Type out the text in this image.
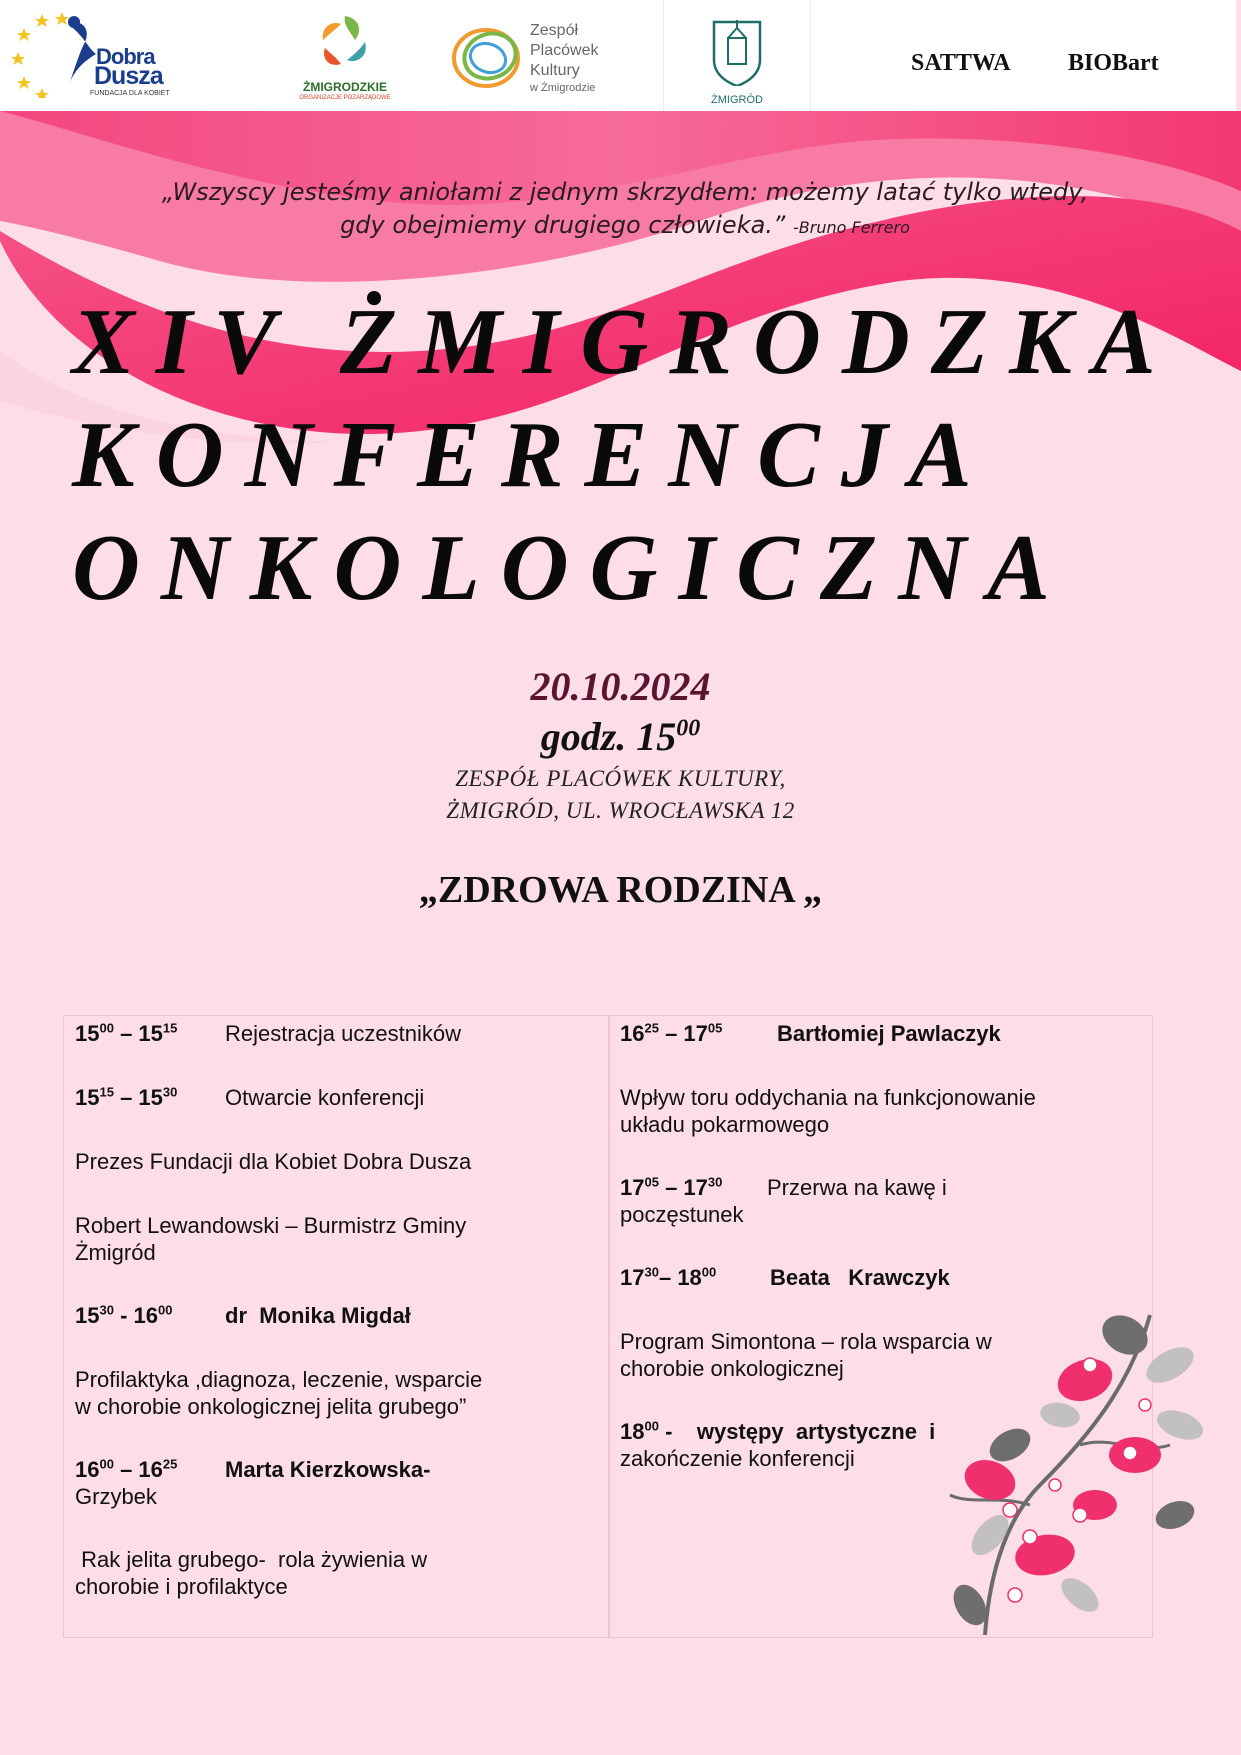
Dobra
Dusza
FUNDACJA DLA KOBIET	ŻMIGRODZKIE
ORGANIZACJE POZARZĄDOWE
Zespół
Placówek
Kultury
w Żmigrodzie
ŻMIGRÓD
SATTWA BIOBart
„Wszyscy jesteśmy aniołami z jednym skrzydłem: możemy latać tylko wtedy,
gdy obejmiemy drugiego człowieka.” -Bruno Ferrero
XIV ŻMIGRODZKA
KONFERENCJA
ONKOLOGICZNA
20.10.2024
godz. $15^{00}$
ZESPÓŁ PLACÓWEK KULTURY,
ŻMIGRÓD, UL. WROCŁAWSKA 12
„ZDROWA RODZINA „
$15^{00} - 15^{15}$ Rejestracja uczestników
$15^{15} - 15^{30}$ Otwarcie konferencji
Prezes Fundacji dla Kobiet Dobra Dusza
Robert Lewandowski – Burmistrz Gminy
Żmigród
$15^{30} - 16^{00}$ dr  Monika Migdał
Profilaktyka ,diagnoza, leczenie, wsparcie
w chorobie onkologicznej jelita grubego”
$16^{00} - 16^{25}$ Marta Kierzkowska-
Grzybek
Rak jelita grubego-  rola żywienia w
chorobie i profilaktyce
$16^{25} - 17^{05}$ Bartłomiej Pawlaczyk
Wpływ toru oddychania na funkcjonowanie
układu pokarmowego
$17^{05} - 17^{30}$ Przerwa na kawę i
poczęstunek
$17^{30}-$ $18^{00}$ Beata   Krawczyk
Program Simontona – rola wsparcia w
chorobie onkologicznej
$18^{00}$ -    występy  artystyczne  i
zakończenie konferencji
